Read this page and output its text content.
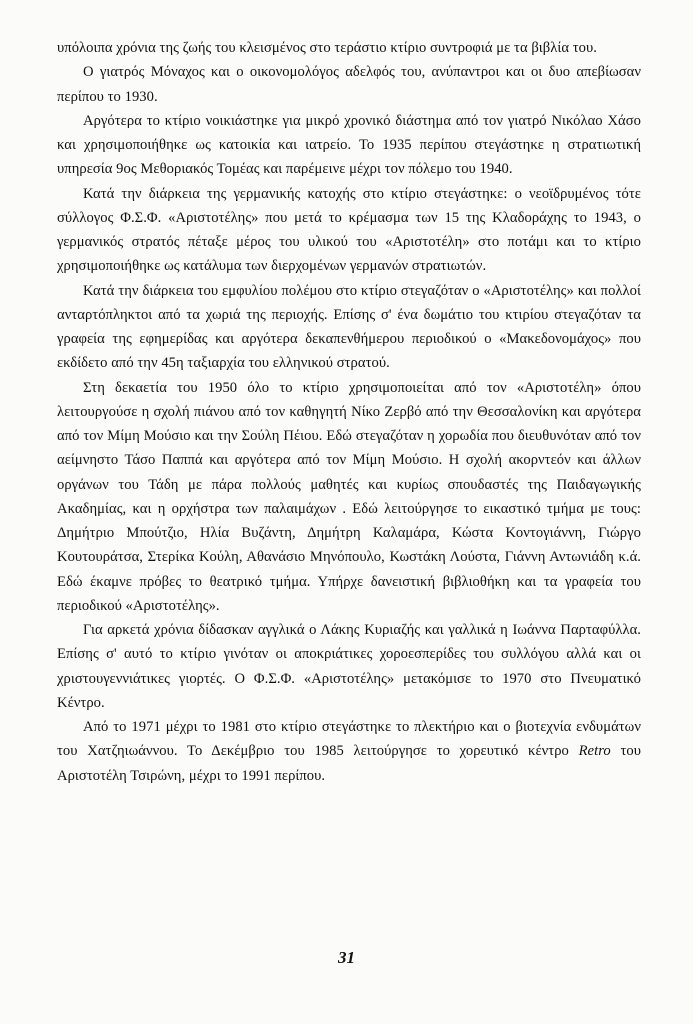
υπόλοιπα χρόνια της ζωής του κλεισμένος στο τεράστιο κτίριο συντροφιά με τα βιβλία του.

Ο γιατρός Μόναχος και ο οικονομολόγος αδελφός του, ανύπαντροι και οι δυο απεβίωσαν περίπου το 1930.

Αργότερα το κτίριο νοικιάστηκε για μικρό χρονικό διάστημα από τον γιατρό Νικόλαο Χάσο και χρησιμοποιήθηκε ως κατοικία και ιατρείο. Το 1935 περίπου στεγάστηκε η στρατιωτική υπηρεσία 9ος Μεθοριακός Τομέας και παρέμεινε μέχρι τον πόλεμο του 1940.

Κατά την διάρκεια της γερμανικής κατοχής στο κτίριο στεγάστηκε: ο νεοϊδρυμένος τότε σύλλογος Φ.Σ.Φ. «Αριστοτέλης» που μετά το κρέμασμα των 15 της Κλαδοράχης το 1943, ο γερμανικός στρατός πέταξε μέρος του υλικού του «Αριστοτέλη» στο ποτάμι και το κτίριο χρησιμοποιήθηκε ως κατάλυμα των διερχομένων γερμανών στρατιωτών.

Κατά την διάρκεια του εμφυλίου πολέμου στο κτίριο στεγαζόταν ο «Αριστοτέλης» και πολλοί ανταρτόπληκτοι από τα χωριά της περιοχής. Επίσης σ' ένα δωμάτιο του κτιρίου στεγαζόταν τα γραφεία της εφημερίδας και αργότερα δεκαπενθήμερου περιοδικού ο «Μακεδονομάχος» που εκδίδετο από την 45η ταξιαρχία του ελληνικού στρατού.

Στη δεκαετία του 1950 όλο το κτίριο χρησιμοποιείται από τον «Αριστοτέλη» όπου λειτουργούσε η σχολή πιάνου από τον καθηγητή Νίκο Ζερβό από την Θεσσαλονίκη και αργότερα από τον Μίμη Μούσιο και την Σούλη Πέιου. Εδώ στεγαζόταν η χορωδία που διευθυνόταν από τον αείμνηστο Τάσο Παππά και αργότερα από τον Μίμη Μούσιο. Η σχολή ακορντεόν και άλλων οργάνων του Τάδη με πάρα πολλούς μαθητές και κυρίως σπουδαστές της Παιδαγωγικής Ακαδημίας, και η ορχήστρα των παλαιμάχων . Εδώ λειτούργησε το εικαστικό τμήμα με τους: Δημήτριο Μπούτζιο, Ηλία Βυζάντη, Δημήτρη Καλαμάρα, Κώστα Κοντογιάννη, Γιώργο Κουτουράτσα, Στερίκα Κούλη, Αθανάσιο Μηνόπουλο, Κωστάκη Λούστα, Γιάννη Αντωνιάδη κ.ά. Εδώ έκαμνε πρόβες το θεατρικό τμήμα. Υπήρχε δανειστική βιβλιοθήκη και τα γραφεία του περιοδικού «Αριστοτέλης».

Για αρκετά χρόνια δίδασκαν αγγλικά ο Λάκης Κυριαζής και γαλλικά η Ιωάννα Παρταφύλλα. Επίσης σ' αυτό το κτίριο γινόταν οι αποκριάτικες χοροεσπερίδες του συλλόγου αλλά και οι χριστουγεννιάτικες γιορτές. Ο Φ.Σ.Φ. «Αριστοτέλης» μετακόμισε το 1970 στο Πνευματικό Κέντρο.

Από το 1971 μέχρι το 1981 στο κτίριο στεγάστηκε το πλεκτήριο και ο βιοτεχνία ενδυμάτων του Χατζηιωάννου. Το Δεκέμβριο του 1985 λειτούργησε το χορευτικό κέντρο Retro του Αριστοτέλη Τσιρώνη, μέχρι το 1991 περίπου.

31
